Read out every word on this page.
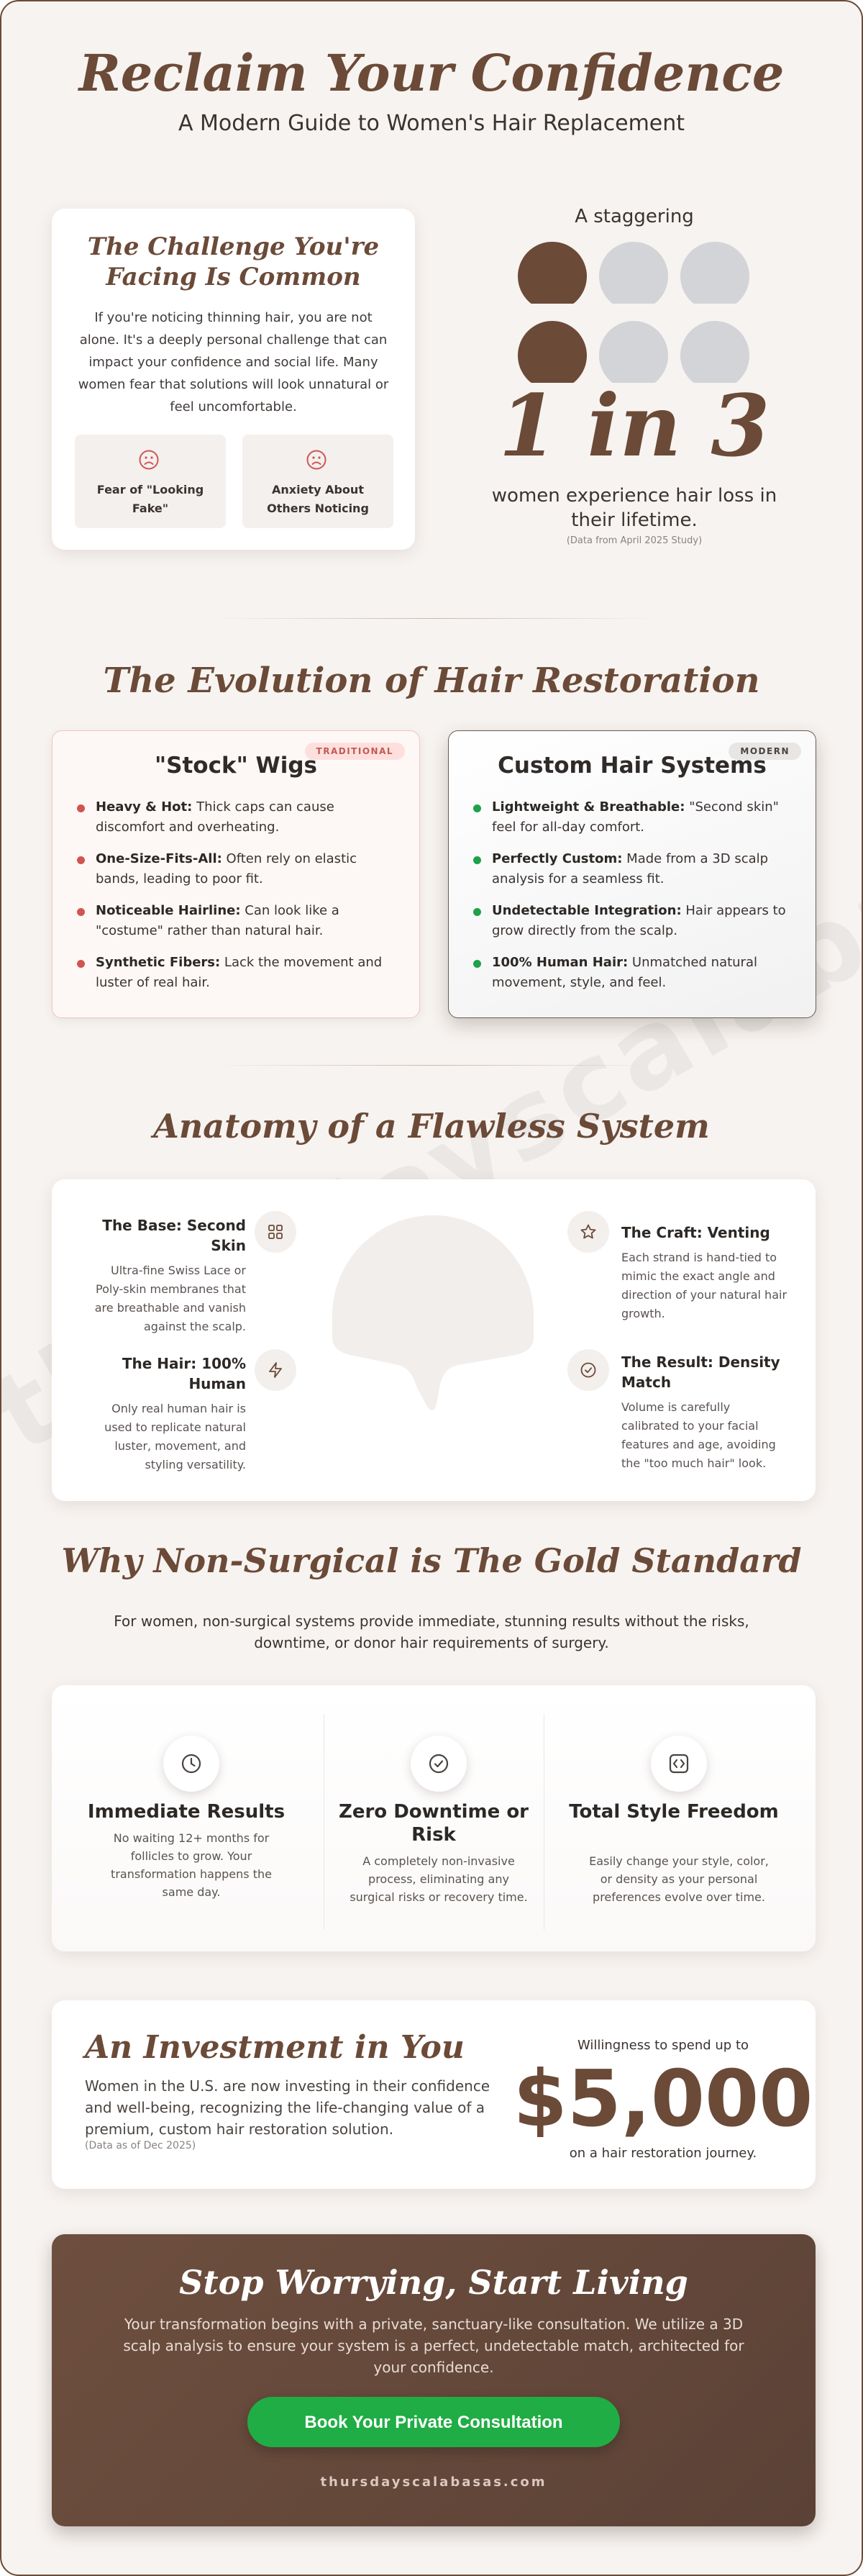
Reclaim Your Confidence
A Modern Guide to Women's Hair Replacement
The Challenge You're Facing Is Common

If you're noticing thinning hair, you are not alone. It's a deeply personal challenge that can impact your confidence and social life. Many women fear that solutions will look unnatural or feel uncomfortable.

Fear of "Looking Fake"
Anxiety About Others Noticing
A staggering
1 in 3
women experience hair loss in their lifetime.
(Data from April 2025 Study)
The Evolution of Hair Restoration
TRADITIONAL
"Stock" Wigs
Heavy & Hot: Thick caps can cause discomfort and overheating.
One-Size-Fits-All: Often rely on elastic bands, leading to poor fit.
Noticeable Hairline: Can look like a "costume" rather than natural hair.
Synthetic Fibers: Lack the movement and luster of real hair.
MODERN
Custom Hair Systems
Lightweight & Breathable: "Second skin" feel for all-day comfort.
Perfectly Custom: Made from a 3D scalp analysis for a seamless fit.
Undetectable Integration: Hair appears to grow directly from the scalp.
100% Human Hair: Unmatched natural movement, style, and feel.
Anatomy of a Flawless System
The Base: Second Skin
Ultra-fine Swiss Lace or Poly-skin membranes that are breathable and vanish against the scalp.
The Hair: 100% Human
Only real human hair is used to replicate natural luster, movement, and styling versatility.
The Craft: Venting
Each strand is hand-tied to mimic the exact angle and direction of your natural hair growth.
The Result: Density Match
Volume is carefully calibrated to your facial features and age, avoiding the "too much hair" look.
Why Non-Surgical is The Gold Standard
For women, non-surgical systems provide immediate, stunning results without the risks, downtime, or donor hair requirements of surgery.
Immediate Results
No waiting 12+ months for follicles to grow. Your transformation happens the same day.
Zero Downtime or Risk
A completely non-invasive process, eliminating any surgical risks or recovery time.
Total Style Freedom
Easily change your style, color, or density as your personal preferences evolve over time.
An Investment in You

Women in the U.S. are now investing in their confidence and well-being, recognizing the life-changing value of a premium, custom hair restoration solution.

(Data as of Dec 2025)
Willingness to spend up to
$5,000
on a hair restoration journey.
Stop Worrying, Start Living

Your transformation begins with a private, sanctuary-like consultation. We utilize a 3D scalp analysis to ensure your system is a perfect, undetectable match, architected for your confidence.

Book Your Private Consultation
thursdayscalabasas.com
